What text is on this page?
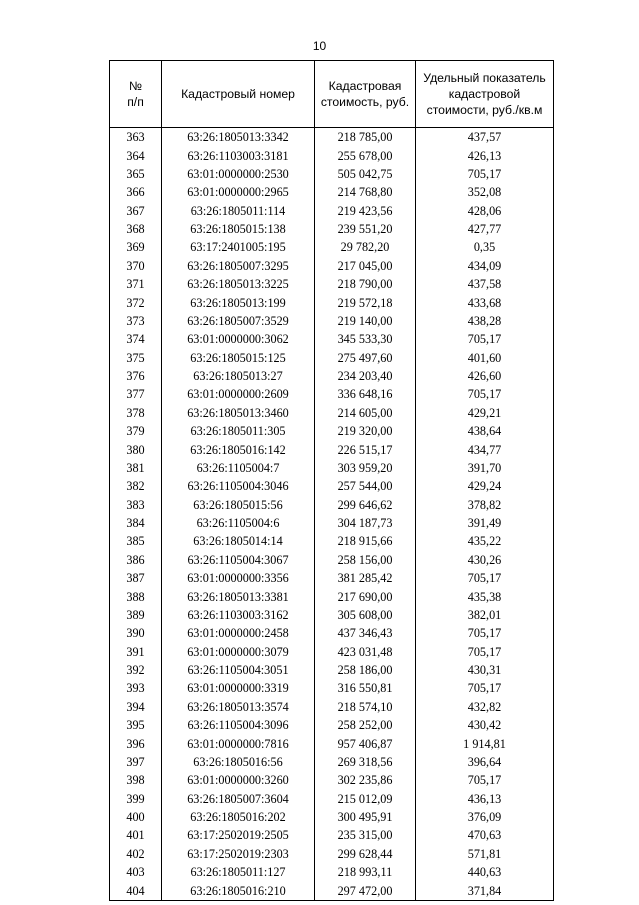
10
№
п/п	Кадастровый номер	Кадастровая стоимость, руб.	Удельный показатель кадастровой стоимости, руб./кв.м
363	63:26:1805013:3342	218 785,00	437,57
364	63:26:1103003:3181	255 678,00	426,13
365	63:01:0000000:2530	505 042,75	705,17
366	63:01:0000000:2965	214 768,80	352,08
367	63:26:1805011:114	219 423,56	428,06
368	63:26:1805015:138	239 551,20	427,77
369	63:17:2401005:195	29 782,20	0,35
370	63:26:1805007:3295	217 045,00	434,09
371	63:26:1805013:3225	218 790,00	437,58
372	63:26:1805013:199	219 572,18	433,68
373	63:26:1805007:3529	219 140,00	438,28
374	63:01:0000000:3062	345 533,30	705,17
375	63:26:1805015:125	275 497,60	401,60
376	63:26:1805013:27	234 203,40	426,60
377	63:01:0000000:2609	336 648,16	705,17
378	63:26:1805013:3460	214 605,00	429,21
379	63:26:1805011:305	219 320,00	438,64
380	63:26:1805016:142	226 515,17	434,77
381	63:26:1105004:7	303 959,20	391,70
382	63:26:1105004:3046	257 544,00	429,24
383	63:26:1805015:56	299 646,62	378,82
384	63:26:1105004:6	304 187,73	391,49
385	63:26:1805014:14	218 915,66	435,22
386	63:26:1105004:3067	258 156,00	430,26
387	63:01:0000000:3356	381 285,42	705,17
388	63:26:1805013:3381	217 690,00	435,38
389	63:26:1103003:3162	305 608,00	382,01
390	63:01:0000000:2458	437 346,43	705,17
391	63:01:0000000:3079	423 031,48	705,17
392	63:26:1105004:3051	258 186,00	430,31
393	63:01:0000000:3319	316 550,81	705,17
394	63:26:1805013:3574	218 574,10	432,82
395	63:26:1105004:3096	258 252,00	430,42
396	63:01:0000000:7816	957 406,87	1 914,81
397	63:26:1805016:56	269 318,56	396,64
398	63:01:0000000:3260	302 235,86	705,17
399	63:26:1805007:3604	215 012,09	436,13
400	63:26:1805016:202	300 495,91	376,09
401	63:17:2502019:2505	235 315,00	470,63
402	63:17:2502019:2303	299 628,44	571,81
403	63:26:1805011:127	218 993,11	440,63
404	63:26:1805016:210	297 472,00	371,84
